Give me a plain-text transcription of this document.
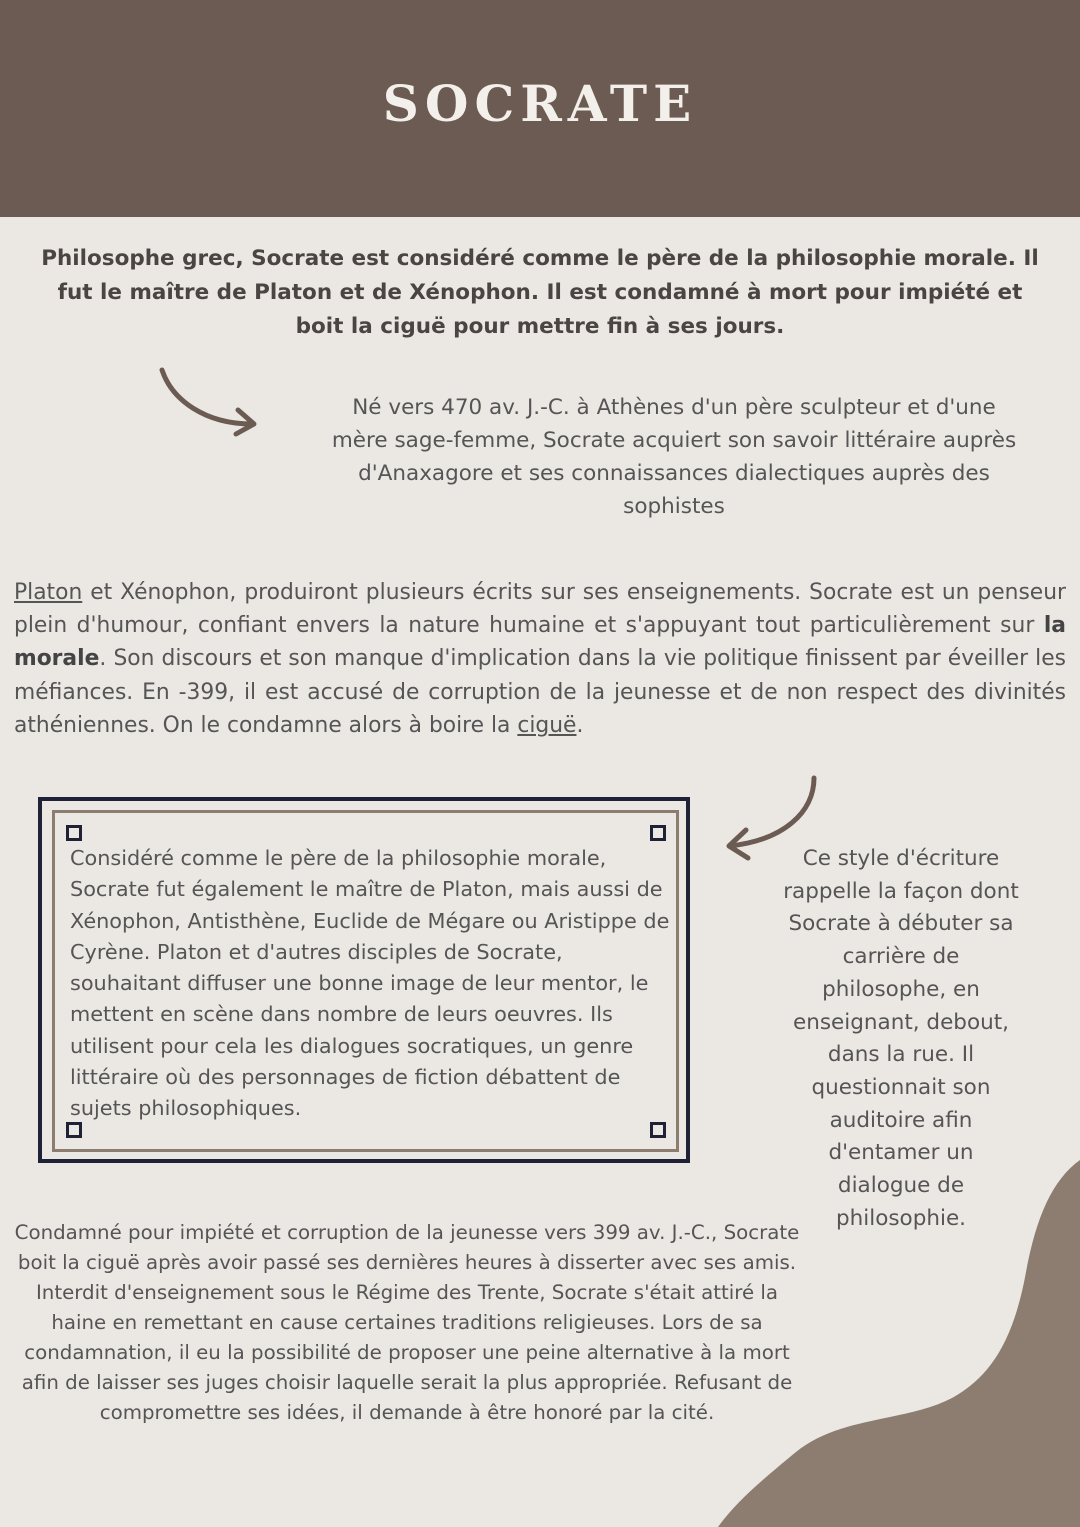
SOCRATE
Philosophe grec, Socrate est considéré comme le père de la philosophie morale. Il fut le maître de Platon et de Xénophon. Il est condamné à mort pour impiété et boit la ciguë pour mettre fin à ses jours.
Né vers 470 av. J.-C. à Athènes d'un père sculpteur et d'une mère sage-femme, Socrate acquiert son savoir littéraire auprès d'Anaxagore et ses connaissances dialectiques auprès des sophistes
Platon et Xénophon, produiront plusieurs écrits sur ses enseignements. Socrate est un penseur plein d'humour, confiant envers la nature humaine et s'appuyant tout particulièrement sur la morale. Son discours et son manque d'implication dans la vie politique finissent par éveiller les méfiances. En -399, il est accusé de corruption de la jeunesse et de non respect des divinités athéniennes. On le condamne alors à boire la ciguë.
Considéré comme le père de la philosophie morale, Socrate fut également le maître de Platon, mais aussi de Xénophon, Antisthène, Euclide de Mégare ou Aristippe de Cyrène. Platon et d'autres disciples de Socrate, souhaitant diffuser une bonne image de leur mentor, le mettent en scène dans nombre de leurs oeuvres. Ils utilisent pour cela les dialogues socratiques, un genre littéraire où des personnages de fiction débattent de sujets philosophiques.
Ce style d'écriture rappelle la façon dont Socrate à débuter sa carrière de philosophe, en enseignant, debout, dans la rue. Il questionnait son auditoire afin d'entamer un dialogue de philosophie.
Condamné pour impiété et corruption de la jeunesse vers 399 av. J.-C., Socrate boit la ciguë après avoir passé ses dernières heures à disserter avec ses amis. Interdit d'enseignement sous le Régime des Trente, Socrate s'était attiré la haine en remettant en cause certaines traditions religieuses. Lors de sa condamnation, il eu la possibilité de proposer une peine alternative à la mort afin de laisser ses juges choisir laquelle serait la plus appropriée. Refusant de compromettre ses idées, il demande à être honoré par la cité.
